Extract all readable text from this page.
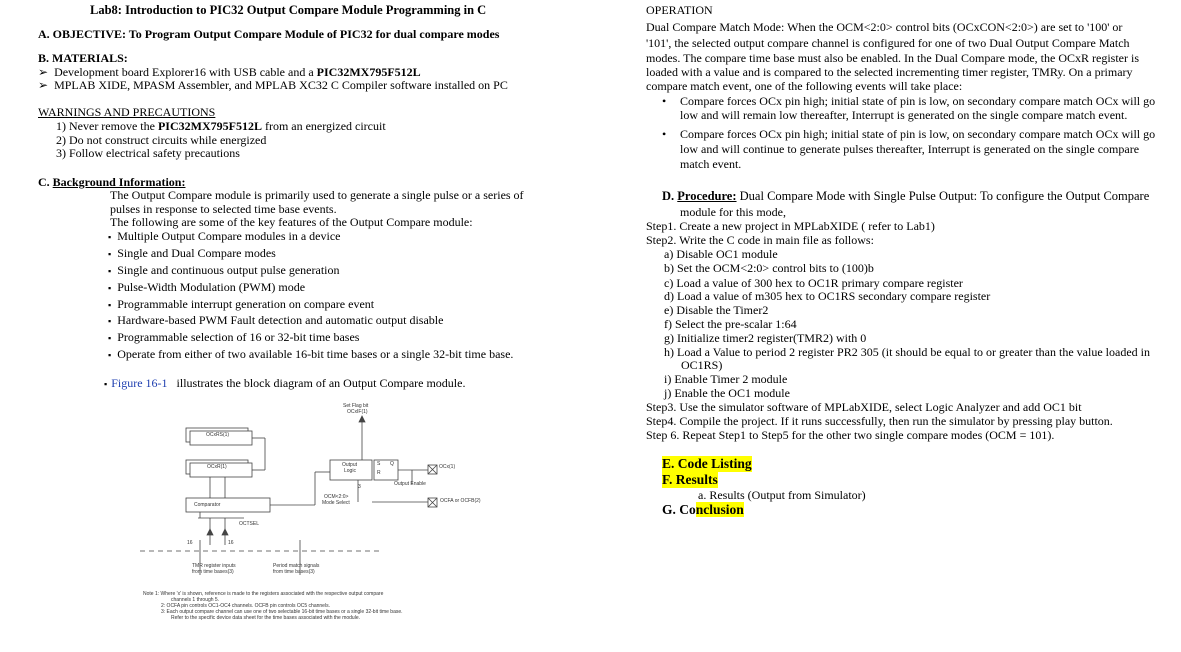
Lab8: Introduction to PIC32 Output Compare Module Programming in C
A. OBJECTIVE: To Program Output Compare Module of PIC32 for dual compare modes
B. MATERIALS:
➢  Development board Explorer16 with USB cable and a PIC32MX795F512L
➢  MPLAB XIDE, MPASM Assembler, and MPLAB XC32 C Compiler software installed on PC
WARNINGS AND PRECAUTIONS
1) Never remove the PIC32MX795F512L from an energized circuit
2) Do not construct circuits while energized
3) Follow electrical safety precautions
C. Background Information:
The Output Compare module is primarily used to generate a single pulse or a series of
pulses in response to selected time base events.
The following are some of the key features of the Output Compare module:
▪ Multiple Output Compare modules in a device
▪ Single and Dual Compare modes
▪ Single and continuous output pulse generation
▪ Pulse-Width Modulation (PWM) mode
▪ Programmable interrupt generation on compare event
▪ Hardware-based PWM Fault detection and automatic output disable
▪ Programmable selection of 16 or 32-bit time bases
▪ Operate from either of two available 16-bit time bases or a single 32-bit time base.
▪ Figure 16-1 illustrates the block diagram of an Output Compare module.
Set Flag bit
OCxIF(1)
OCxRS(1)
OCxR(1)	Output
Logic
S Q
R
OCx(1)
Output Enable
3
OCM<2:0>
Mode Select	OCFA or OCFB(2)
Comparator
OCTSEL
16	16
TMR register inputs
from time bases(3)
Period match signals
from time bases(3)
Note 1: Where 'x' is shown, reference is made to the registers associated with the respective output compare
channels 1 through 5.
2: OCFA pin controls OC1-OC4 channels. OCFB pin controls OC5 channels.
3: Each output compare channel can use one of two selectable 16-bit time bases or a single 32-bit time base.
Refer to the specific device data sheet for the time bases associated with the module.
OPERATION
Dual Compare Match Mode: When the OCM<2:0> control bits (OCxCON<2:0>) are set to '100' or
'101', the selected output compare channel is configured for one of two Dual Output Compare Match
modes. The compare time base must also be enabled. In the Dual Compare mode, the OCxR register is
loaded with a value and is compared to the selected incrementing timer register, TMRy. On a primary
compare match event, one of the following events will take place:
• Compare forces OCx pin high; initial state of pin is low, on secondary compare match OCx will go
low and will remain low thereafter, Interrupt is generated on the single compare match event.
• Compare forces OCx pin high; initial state of pin is low, on secondary compare match OCx will go
low and will continue to generate pulses thereafter, Interrupt is generated on the single compare
match event.
D. Procedure: Dual Compare Mode with Single Pulse Output: To configure the Output Compare
module for this mode,
Step1. Create a new project in MPLabXIDE ( refer to Lab1)
Step2. Write the C code in main file as follows:
a) Disable OC1 module
b) Set the OCM<2:0> control bits to (100)b
c) Load a value of 300 hex to OC1R primary compare register
d) Load a value of m305 hex to OC1RS secondary compare register
e) Disable the Timer2
f) Select the pre-scalar 1:64
g) Initialize timer2 register(TMR2) with 0
h) Load a Value to period 2 register PR2 305 (it should be equal to or greater than the value loaded in
OC1RS)
i) Enable Timer 2 module
j) Enable the OC1 module
Step3. Use the simulator software of MPLabXIDE, select Logic Analyzer and add OC1 bit
Step4. Compile the project. If it runs successfully, then run the simulator by pressing play button.
Step 6. Repeat Step1 to Step5 for the other two single compare modes (OCM = 101).
E. Code Listing
F. Results
a. Results (Output from Simulator)
G. Conclusion
